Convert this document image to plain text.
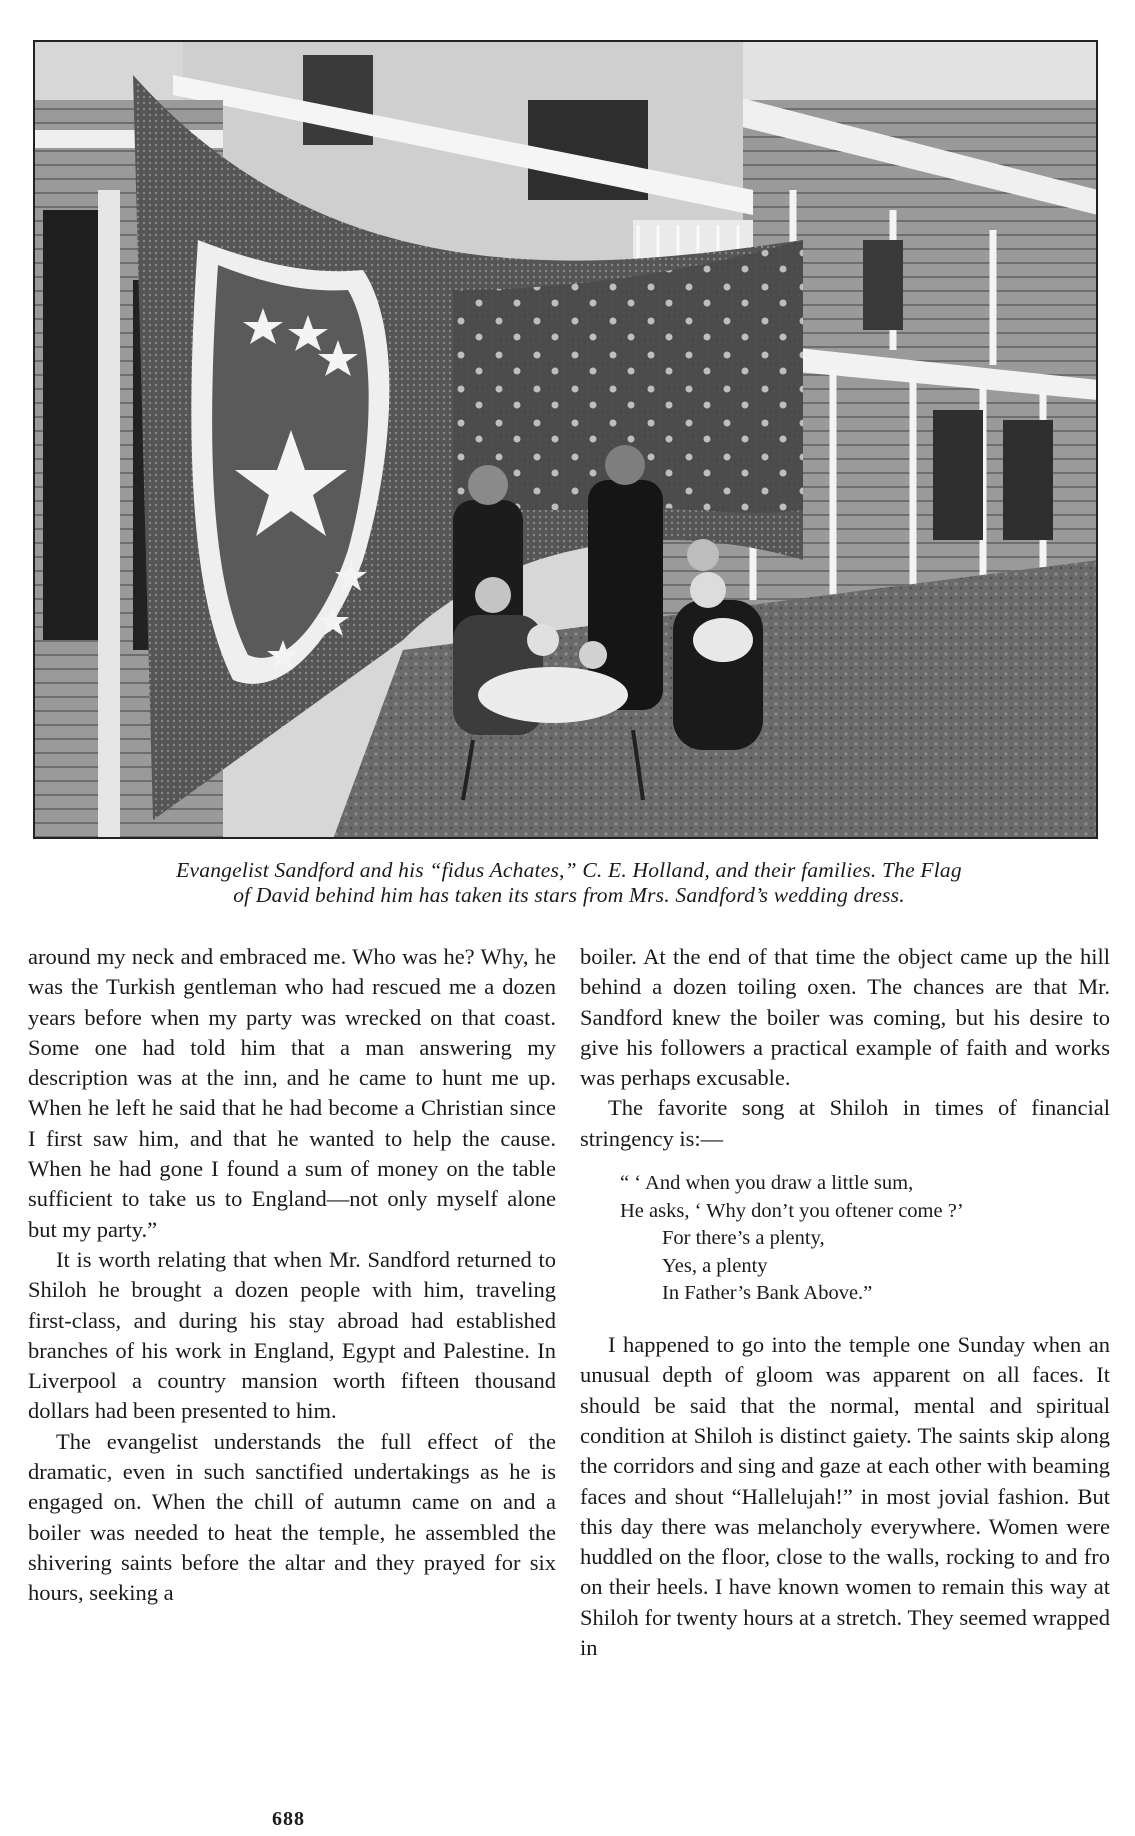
Evangelist Sandford and his “fidus Achates,” C. E. Holland, and their families. The Flag
of David behind him has taken its stars from Mrs. Sandford’s wedding dress.

around my neck and embraced me. Who was he? Why, he was the Turkish gentleman who had rescued me a dozen years before when my party was wrecked on that coast. Some one had told him that a man answering my description was at the inn, and he came to hunt me up. When he left he said that he had become a Christian since I first saw him, and that he wanted to help the cause. When he had gone I found a sum of money on the table sufficient to take us to England—not only myself alone but my party.”

It is worth relating that when Mr. Sandford returned to Shiloh he brought a dozen people with him, traveling first-class, and during his stay abroad had established branches of his work in England, Egypt and Palestine. In Liverpool a country mansion worth fifteen thousand dollars had been presented to him.

The evangelist understands the full effect of the dramatic, even in such sanctified undertakings as he is engaged on. When the chill of autumn came on and a boiler was needed to heat the temple, he assembled the shivering saints before the altar and they prayed for six hours, seeking a

boiler. At the end of that time the object came up the hill behind a dozen toiling oxen. The chances are that Mr. Sandford knew the boiler was coming, but his desire to give his followers a practical example of faith and works was perhaps excusable.

The favorite song at Shiloh in times of financial stringency is:—

“ ‘ And when you draw a little sum,
He asks, ‘ Why don’t you oftener come ?’
For there’s a plenty,
Yes, a plenty
In Father’s Bank Above.”

I happened to go into the temple one Sunday when an unusual depth of gloom was apparent on all faces. It should be said that the normal, mental and spiritual condition at Shiloh is distinct gaiety. The saints skip along the corridors and sing and gaze at each other with beaming faces and shout “Hallelujah!” in most jovial fashion. But this day there was melancholy everywhere. Women were huddled on the floor, close to the walls, rocking to and fro on their heels. I have known women to remain this way at Shiloh for twenty hours at a stretch. They seemed wrapped in

688
